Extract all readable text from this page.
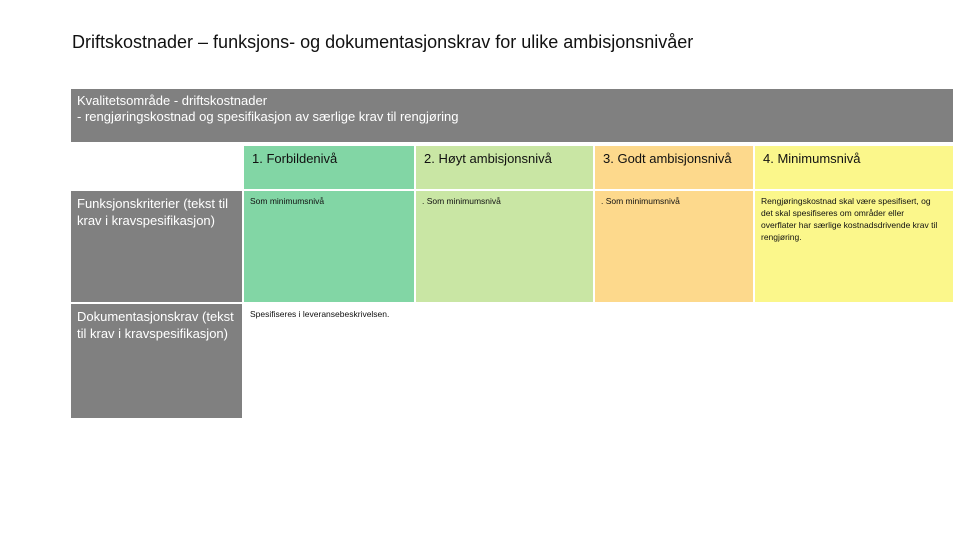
Driftskostnader – funksjons- og dokumentasjonskrav for ulike ambisjonsnivåer
Kvalitetsområde - driftskostnader
- rengjøringskostnad og spesifikasjon av særlige krav til rengjøring
1. Forbildenivå	2. Høyt ambisjonsnivå	3. Godt ambisjonsnivå	4. Minimumsnivå
Funksjonskriterier (tekst til krav i kravspesifikasjon)
Som minimumsnivå	. Som minimumsnivå	. Som minimumsnivå	Rengjøringskostnad skal være spesifisert, og det skal spesifiseres om områder eller overflater har særlige kostnadsdrivende krav til rengjøring.
Dokumentasjonskrav (tekst til krav i kravspesifikasjon)
Spesifiseres i leveransebeskrivelsen.
